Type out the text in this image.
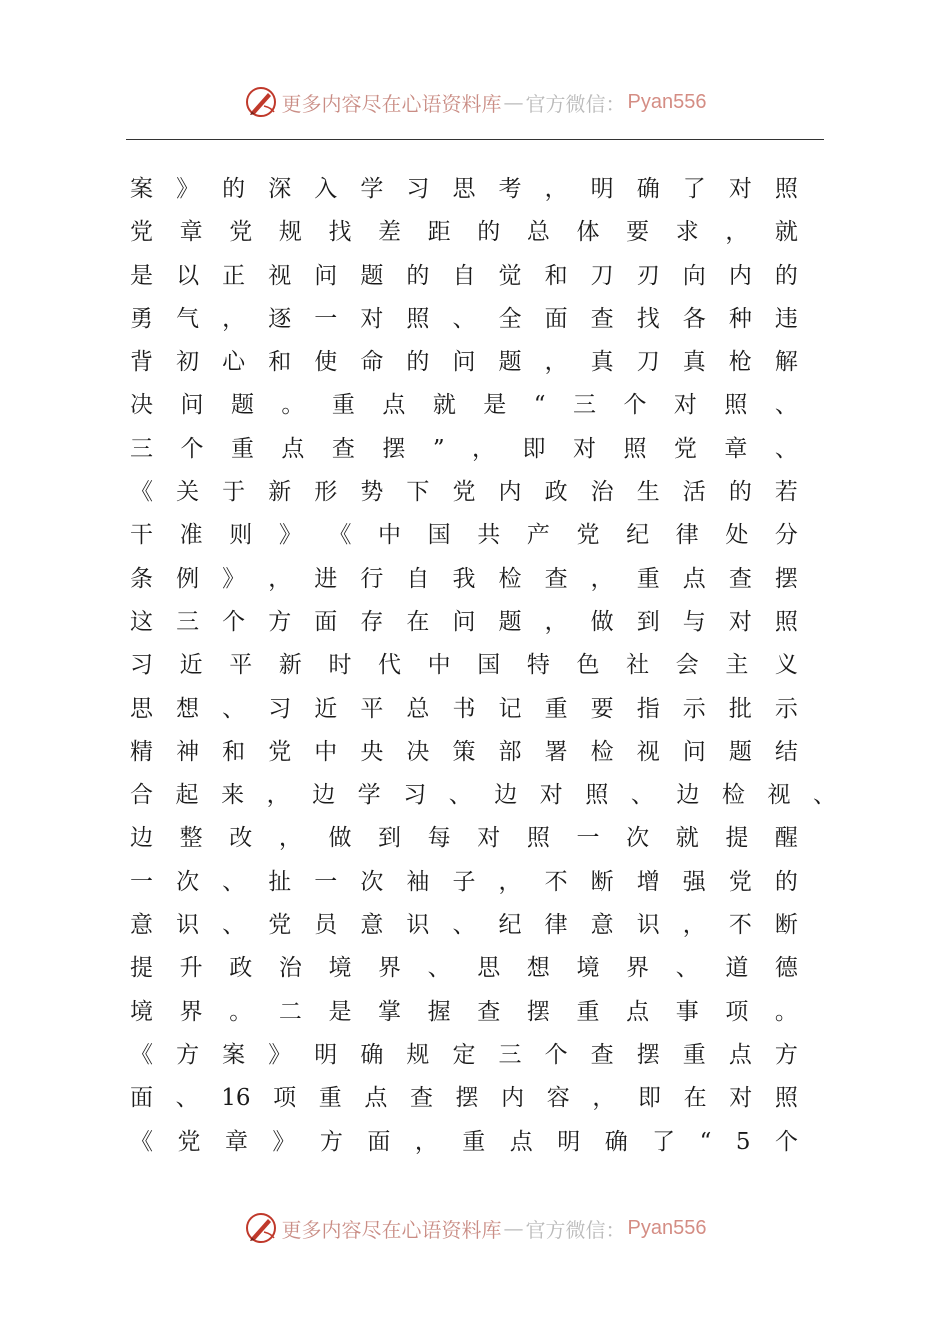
更多内容尽在心语资料库 — 官方微信： Pyan556
案 》 的 深 入 学 习 思 考 ， 明 确 了 对 照
党 章 党 规 找 差 距 的 总 体 要 求 ， 就
是 以 正 视 问 题 的 自 觉 和 刀 刃 向 内 的
勇 气 ， 逐 一 对 照 、 全 面 查 找 各 种 违
背 初 心 和 使 命 的 问 题 ， 真 刀 真 枪 解
决 问 题 。 重 点 就 是 “ 三 个 对 照 、
三 个 重 点 查 摆 ” ， 即 对 照 党 章 、
《 关 于 新 形 势 下 党 内 政 治 生 活 的 若
干 准 则 》 《 中 国 共 产 党 纪 律 处 分
条 例 》 ， 进 行 自 我 检 查 ， 重 点 查 摆
这 三 个 方 面 存 在 问 题 ， 做 到 与 对 照
习 近 平 新 时 代 中 国 特 色 社 会 主 义
思 想 、 习 近 平 总 书 记 重 要 指 示 批 示
精 神 和 党 中 央 决 策 部 署 检 视 问 题 结
合 起 来 ， 边 学 习 、 边 对 照 、 边 检 视 、
边 整 改 ， 做 到 每 对 照 一 次 就 提 醒
一 次 、 扯 一 次 袖 子 ， 不 断 增 强 党 的
意 识 、 党 员 意 识 、 纪 律 意 识 ， 不 断
提 升 政 治 境 界 、 思 想 境 界 、 道 德
境 界 。 二 是 掌 握 查 摆 重 点 事 项 。
《 方 案 》 明 确 规 定 三 个 查 摆 重 点 方
面 、 16 项 重 点 查 摆 内 容 ， 即 在 对 照
《 党 章 》 方 面 ， 重 点 明 确 了 “ 5 个
更多内容尽在心语资料库 — 官方微信： Pyan556
